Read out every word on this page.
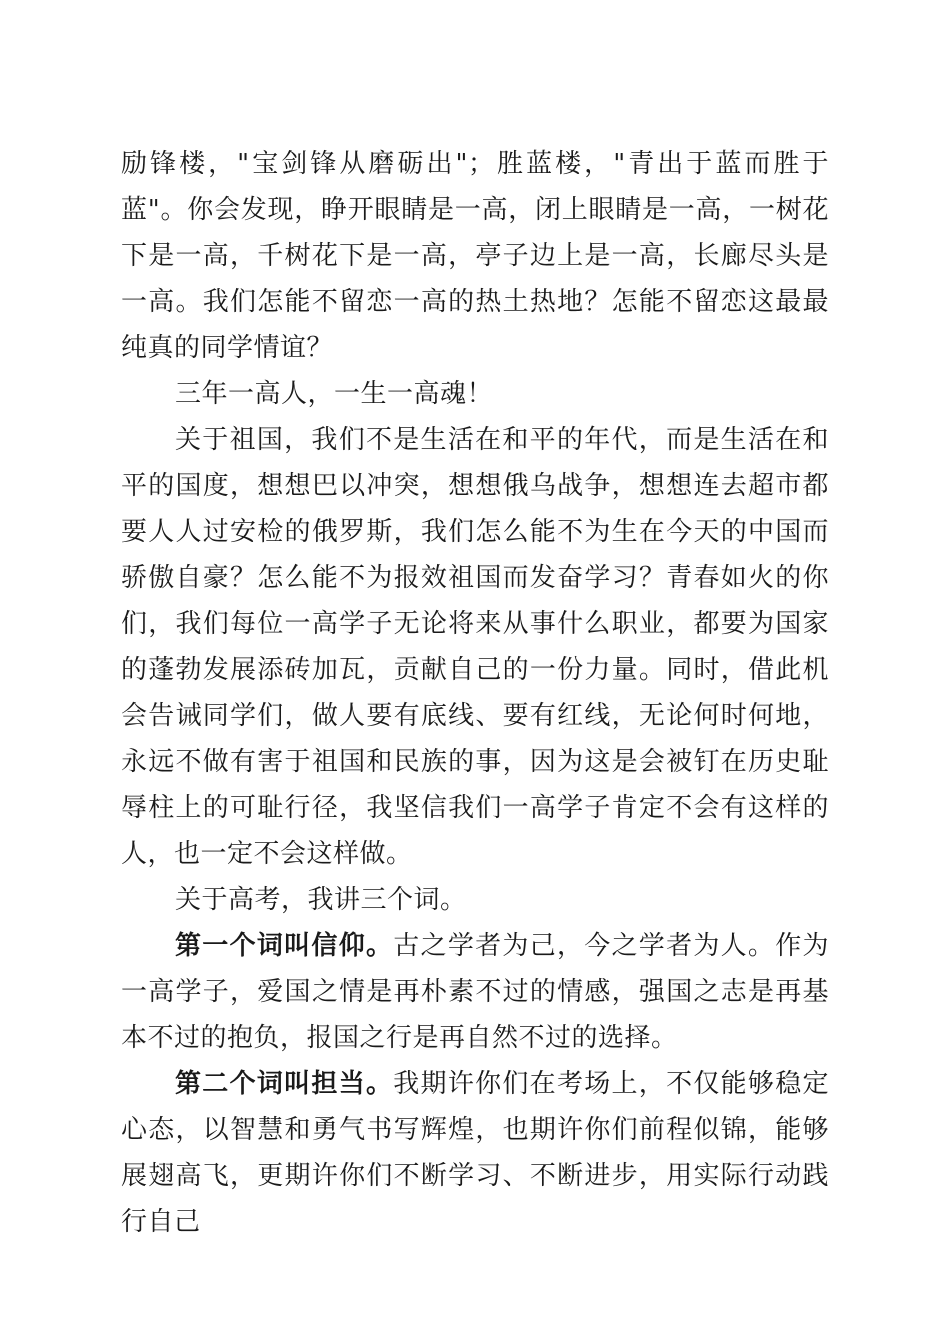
励锋楼，"宝剑锋从磨砺出"；胜蓝楼，"青出于蓝而胜于蓝"。你会发现，睁开眼睛是一高，闭上眼睛是一高，一树花下是一高，千树花下是一高，亭子边上是一高，长廊尽头是一高。我们怎能不留恋一高的热土热地？怎能不留恋这最最纯真的同学情谊？

三年一高人，一生一高魂！

关于祖国，我们不是生活在和平的年代，而是生活在和平的国度，想想巴以冲突，想想俄乌战争，想想连去超市都要人人过安检的俄罗斯，我们怎么能不为生在今天的中国而骄傲自豪？怎么能不为报效祖国而发奋学习？青春如火的你们，我们每位一高学子无论将来从事什么职业，都要为国家的蓬勃发展添砖加瓦，贡献自己的一份力量。同时，借此机会告诫同学们，做人要有底线、要有红线，无论何时何地，永远不做有害于祖国和民族的事，因为这是会被钉在历史耻辱柱上的可耻行径，我坚信我们一高学子肯定不会有这样的人，也一定不会这样做。

关于高考，我讲三个词。

第一个词叫信仰。古之学者为己，今之学者为人。作为一高学子，爱国之情是再朴素不过的情感，强国之志是再基本不过的抱负，报国之行是再自然不过的选择。

第二个词叫担当。我期许你们在考场上，不仅能够稳定心态，以智慧和勇气书写辉煌，也期许你们前程似锦，能够展翅高飞，更期许你们不断学习、不断进步，用实际行动践行自己
